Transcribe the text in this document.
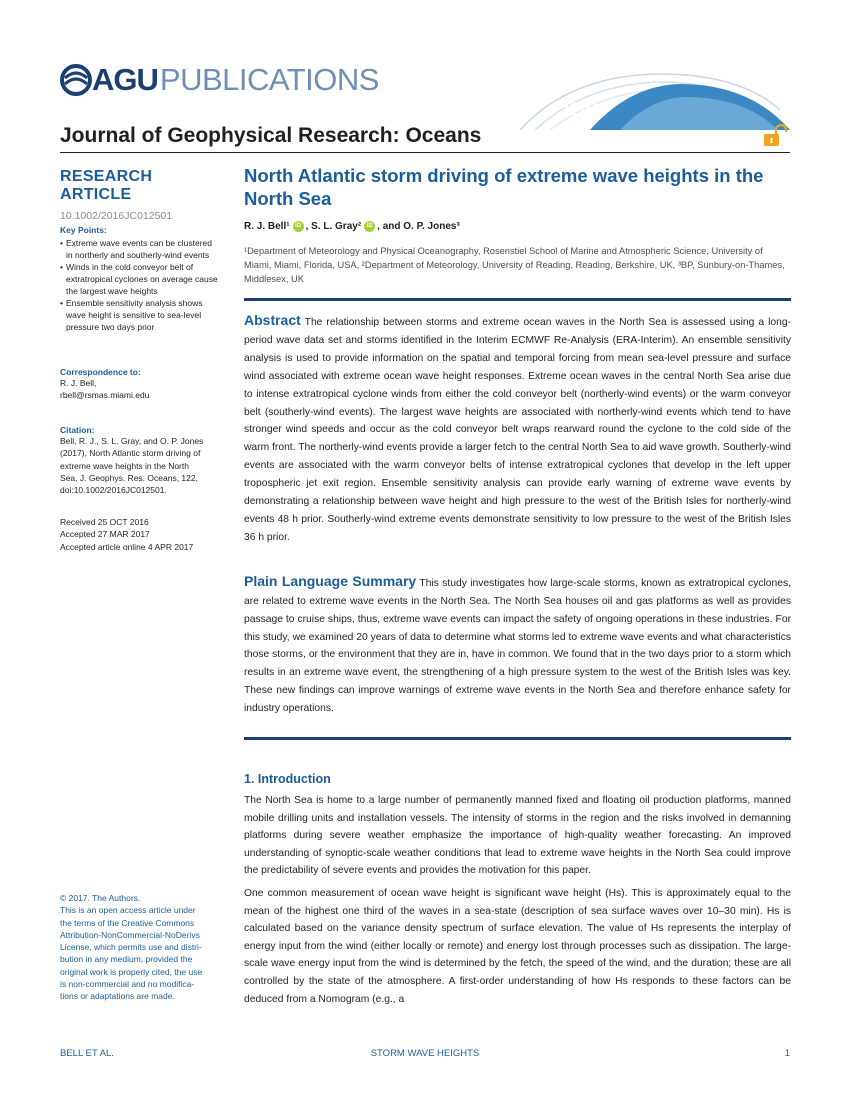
AGU PUBLICATIONS
JGR
Journal of Geophysical Research: Oceans
RESEARCH ARTICLE
10.1002/2016JC012501
Key Points:
• Extreme wave events can be clustered in northerly and southerly-wind events
• Winds in the cold conveyor belt of extratropical cyclones on average cause the largest wave heights
• Ensemble sensitivity analysis shows wave height is sensitive to sea-level pressure two days prior
Correspondence to:
R. J. Bell,
rbell@rsmas.miami.edu
Citation:
Bell, R. J., S. L. Gray, and O. P. Jones
(2017), North Atlantic storm driving of
extreme wave heights in the North
Sea, J. Geophys. Res. Oceans, 122,
doi:10.1002/2016JC012501.
Received 25 OCT 2016
Accepted 27 MAR 2017
Accepted article online 4 APR 2017
© 2017. The Authors.
This is an open access article under
the terms of the Creative Commons
Attribution-NonCommercial-NoDerivs
License, which permits use and distri-
bution in any medium, provided the
original work is properly cited, the use
is non-commercial and no modifica-
tions or adaptations are made.
North Atlantic storm driving of extreme wave heights in the North Sea
R. J. Bell¹ iD , S. L. Gray² iD , and O. P. Jones³
¹Department of Meteorology and Physical Oceanography, Rosenstiel School of Marine and Atmospheric Science, University of Miami, Miami, Florida, USA, ²Department of Meteorology, University of Reading, Reading, Berkshire, UK, ³BP, Sunbury-on-Thames, Middlesex, UK
Abstract The relationship between storms and extreme ocean waves in the North Sea is assessed using a long-period wave data set and storms identified in the Interim ECMWF Re-Analysis (ERA-Interim). An ensemble sensitivity analysis is used to provide information on the spatial and temporal forcing from mean sea-level pressure and surface wind associated with extreme ocean wave height responses. Extreme ocean waves in the central North Sea arise due to intense extratropical cyclone winds from either the cold conveyor belt (northerly-wind events) or the warm conveyor belt (southerly-wind events). The largest wave heights are associated with northerly-wind events which tend to have stronger wind speeds and occur as the cold conveyor belt wraps rearward round the cyclone to the cold side of the warm front. The northerly-wind events provide a larger fetch to the central North Sea to aid wave growth. Southerly-wind events are associated with the warm conveyor belts of intense extratropical cyclones that develop in the left upper tropospheric jet exit region. Ensemble sensitivity analysis can provide early warning of extreme wave events by demonstrating a relationship between wave height and high pressure to the west of the British Isles for northerly-wind events 48 h prior. Southerly-wind extreme events demonstrate sensitivity to low pressure to the west of the British Isles 36 h prior.
Plain Language Summary This study investigates how large-scale storms, known as extratropical cyclones, are related to extreme wave events in the North Sea. The North Sea houses oil and gas platforms as well as provides passage to cruise ships, thus, extreme wave events can impact the safety of ongoing operations in these industries. For this study, we examined 20 years of data to determine what storms led to extreme wave events and what characteristics those storms, or the environment that they are in, have in common. We found that in the two days prior to a storm which results in an extreme wave event, the strengthening of a high pressure system to the west of the British Isles was key. These new findings can improve warnings of extreme wave events in the North Sea and therefore enhance safety for industry operations.
1. Introduction
The North Sea is home to a large number of permanently manned fixed and floating oil production platforms, manned mobile drilling units and installation vessels. The intensity of storms in the region and the risks involved in demanning platforms during severe weather emphasize the importance of high-quality weather forecasting. An improved understanding of synoptic-scale weather conditions that lead to extreme wave heights in the North Sea could improve the predictability of severe events and provides the motivation for this paper.
One common measurement of ocean wave height is significant wave height (Hs). This is approximately equal to the mean of the highest one third of the waves in a sea-state (description of sea surface waves over 10–30 min). Hs is calculated based on the variance density spectrum of surface elevation. The value of Hs represents the interplay of energy input from the wind (either locally or remote) and energy lost through processes such as dissipation. The large-scale wave energy input from the wind is determined by the fetch, the speed of the wind, and the duration; these are all controlled by the state of the atmosphere. A first-order understanding of how Hs responds to these factors can be deduced from a Nomogram (e.g., a
BELL ET AL.	STORM WAVE HEIGHTS	1
